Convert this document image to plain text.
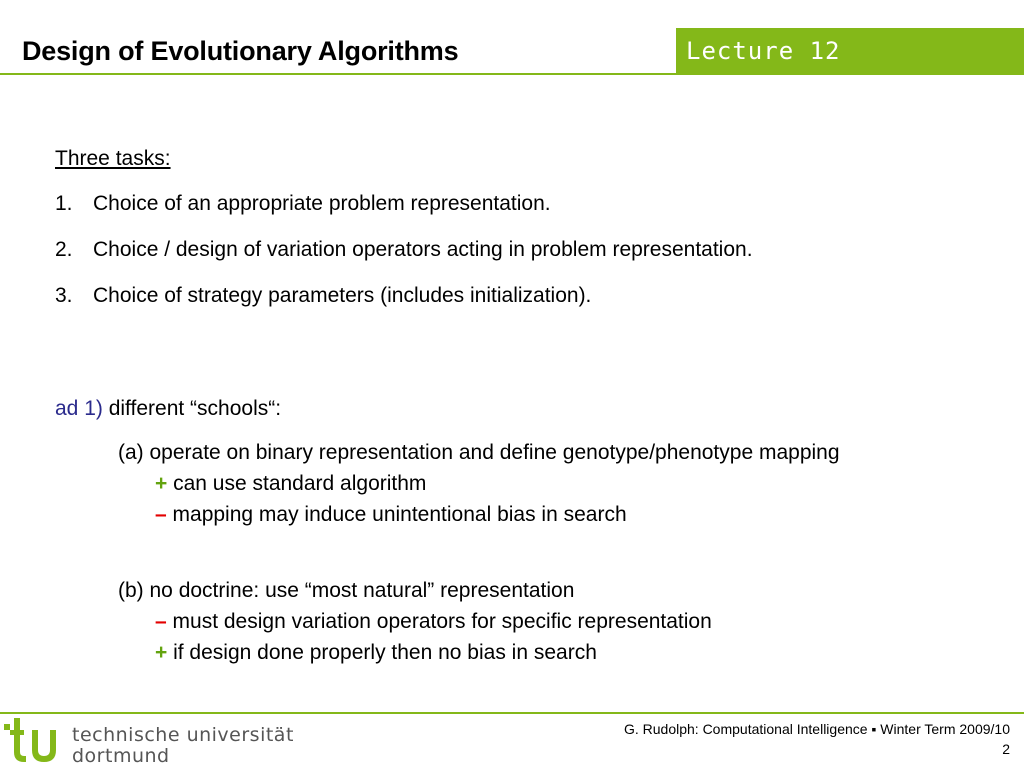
Design of Evolutionary Algorithms	Lecture 12
Three tasks:
1. Choice of an appropriate problem representation.
2. Choice / design of variation operators acting in problem representation.
3. Choice of strategy parameters (includes initialization).
ad 1) different “schools“:
(a) operate on binary representation and define genotype/phenotype mapping
+ can use standard algorithm
– mapping may induce unintentional bias in search
(b) no doctrine: use “most natural” representation
– must design variation operators for specific representation
+ if design done properly then no bias in search
technische universität
dortmund
G. Rudolph: Computational Intelligence ▪ Winter Term 2009/10
2
